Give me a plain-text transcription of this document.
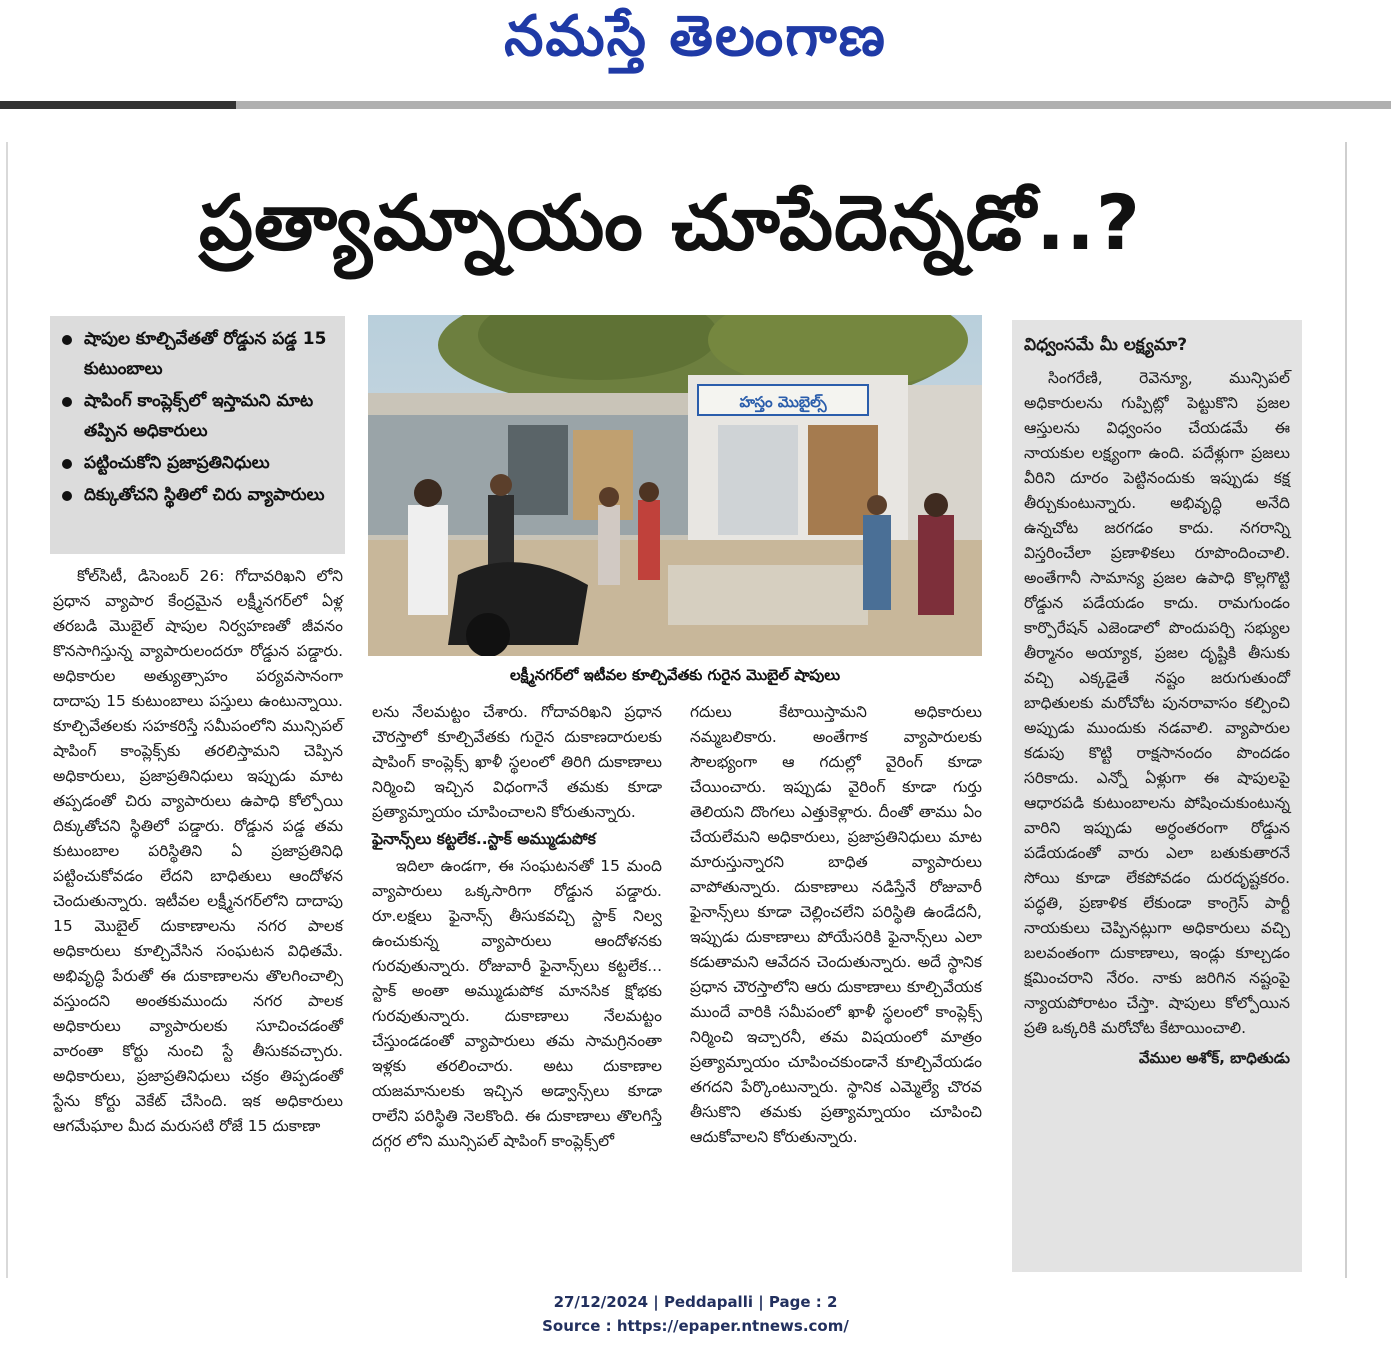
నమస్తే తెలంగాణ
ప్రత్యామ్నాయం చూపేదెన్నడో..?
షాపుల కూల్చివేతతో రోడ్డున పడ్డ 15 కుటుంబాలు
షాపింగ్ కాంప్లెక్స్‌లో ఇస్తామని మాట తప్పిన అధికారులు
పట్టించుకోని ప్రజాప్రతినిధులు
దిక్కుతోచని స్థితిలో చిరు వ్యాపారులు
హస్తం మొబైల్స్
లక్ష్మీనగర్‌లో ఇటీవల కూల్చివేతకు గురైన మొబైల్ షాపులు

కోల్‌సిటీ, డిసెంబర్ 26: గోదావరిఖని లోని ప్రధాన వ్యాపార కేంద్రమైన లక్ష్మీనగర్‌లో ఏళ్ల తరబడి మొబైల్ షాపుల నిర్వహణతో జీవనం కొనసాగిస్తున్న వ్యాపారులందరూ రోడ్డున పడ్డారు. అధికారుల అత్యుత్సాహం పర్యవసానంగా దాదాపు 15 కుటుంబాలు పస్తులు ఉంటున్నాయి. కూల్చివేతలకు సహకరిస్తే సమీపంలోని మున్సిపల్ షాపింగ్ కాంప్లెక్స్‌కు తరలిస్తామని చెప్పిన అధికారులు, ప్రజాప్రతినిధులు ఇప్పుడు మాట తప్పడంతో చిరు వ్యాపారులు ఉపాధి కోల్పోయి దిక్కుతోచని స్థితిలో పడ్డారు. రోడ్డున పడ్డ తమ కుటుంబాల పరిస్థితిని ఏ ప్రజాప్రతినిధి పట్టించుకోవడం లేదని బాధితులు ఆందోళన చెందుతున్నారు. ఇటీవల లక్ష్మీనగర్‌లోని దాదాపు 15 మొబైల్ దుకాణాలను నగర పాలక అధికారులు కూల్చివేసిన సంఘటన విధితమే. అభివృద్ధి పేరుతో ఈ దుకాణాలను తొలగించాల్సి వస్తుందని అంతకుముందు నగర పాలక అధికారులు వ్యాపారులకు సూచించడంతో వారంతా కోర్టు నుంచి స్టే తీసుకవచ్చారు. అధికారులు, ప్రజాప్రతినిధులు చక్రం తిప్పడంతో స్టేను కోర్టు వెకేట్ చేసింది. ఇక అధికారులు ఆగమేఘాల మీద మరుసటి రోజే 15 దుకాణా

లను నేలమట్టం చేశారు. గోదావరిఖని ప్రధాన చౌరస్తాలో కూల్చివేతకు గురైన దుకాణదారులకు షాపింగ్ కాంప్లెక్స్ ఖాళీ స్థలంలో తిరిగి దుకాణాలు నిర్మించి ఇచ్చిన విధంగానే తమకు కూడా ప్రత్యామ్నాయం చూపించాలని కోరుతున్నారు.

ఫైనాన్స్‌లు కట్టలేక..స్టాక్ అమ్ముడుపోక

ఇదిలా ఉండగా, ఈ సంఘటనతో 15 మంది వ్యాపారులు ఒక్కసారిగా రోడ్డున పడ్డారు. రూ.లక్షలు ఫైనాన్స్ తీసుకవచ్చి స్టాక్ నిల్వ ఉంచుకున్న వ్యాపారులు ఆందోళనకు గురవుతున్నారు. రోజువారీ ఫైనాన్స్‌లు కట్టలేక... స్టాక్ అంతా అమ్ముడుపోక మానసిక క్షోభకు గురవుతున్నారు. దుకాణాలు నేలమట్టం చేస్తుండడంతో వ్యాపారులు తమ సామగ్రినంతా ఇళ్లకు తరలించారు. అటు దుకాణాల యజమానులకు ఇచ్చిన అడ్వాన్స్‌లు కూడా రాలేని పరిస్థితి నెలకొంది. ఈ దుకాణాలు తొలగిస్తే దగ్గర లోని మున్సిపల్ షాపింగ్ కాంప్లెక్స్‌లో

గదులు కేటాయిస్తామని అధికారులు నమ్మబలికారు. అంతేగాక వ్యాపారులకు సౌలభ్యంగా ఆ గదుల్లో వైరింగ్ కూడా చేయించారు. ఇప్పుడు వైరింగ్ కూడా గుర్తు తెలియని దొంగలు ఎత్తుకెళ్లారు. దీంతో తాము ఏం చేయలేమని అధికారులు, ప్రజాప్రతినిధులు మాట మారుస్తున్నారని బాధిత వ్యాపారులు వాపోతున్నారు. దుకాణాలు నడిస్తేనే రోజువారీ ఫైనాన్స్‌లు కూడా చెల్లించలేని పరిస్థితి ఉండేదనీ, ఇప్పుడు దుకాణాలు పోయేసరికి ఫైనాన్స్‌లు ఎలా కడుతామని ఆవేదన చెందుతున్నారు. అదే స్థానిక ప్రధాన చౌరస్తాలోని ఆరు దుకాణాలు కూల్చివేయక ముందే వారికి సమీపంలో ఖాళీ స్థలంలో కాంప్లెక్స్ నిర్మించి ఇచ్చారనీ, తమ విషయంలో మాత్రం ప్రత్యామ్నాయం చూపించకుండానే కూల్చివేయడం తగదని పేర్కొంటున్నారు. స్థానిక ఎమ్మెల్యే చొరవ తీసుకొని తమకు ప్రత్యామ్నాయం చూపించి ఆదుకోవాలని కోరుతున్నారు.

విధ్వంసమే మీ లక్ష్యమా?

సింగరేణి, రెవెన్యూ, మున్సిపల్ అధికారులను గుప్పిట్లో పెట్టుకొని ప్రజల ఆస్తులను విధ్వంసం చేయడమే ఈ నాయకుల లక్ష్యంగా ఉంది. పదేళ్లుగా ప్రజలు వీరిని దూరం పెట్టినందుకు ఇప్పుడు కక్ష తీర్చుకుంటున్నారు. అభివృద్ధి అనేది ఉన్నచోట జరగడం కాదు. నగరాన్ని విస్తరించేలా ప్రణాళికలు రూపొందించాలి. అంతేగానీ సామాన్య ప్రజల ఉపాధి కొల్లగొట్టి రోడ్డున పడేయడం కాదు. రామగుండం కార్పొరేషన్ ఎజెండాలో పొందుపర్చి సభ్యుల తీర్మానం అయ్యాక, ప్రజల దృష్టికి తీసుకు వచ్చి ఎక్కడైతే నష్టం జరుగుతుందో బాధితులకు మరోచోట పునరావాసం కల్పించి అప్పుడు ముందుకు నడవాలి. వ్యాపారుల కడుపు కొట్టి రాక్షసానందం పొందడం సరికాదు. ఎన్నో ఏళ్లుగా ఈ షాపులపై ఆధారపడి కుటుంబాలను పోషించుకుంటున్న వారిని ఇప్పుడు అర్ధంతరంగా రోడ్డున పడేయడంతో వారు ఎలా బతుకుతారనే సోయి కూడా లేకపోవడం దురదృష్టకరం. పద్ధతి, ప్రణాళిక లేకుండా కాంగ్రెస్ పార్టీ నాయకులు చెప్పినట్లుగా అధికారులు వచ్చి బలవంతంగా దుకాణాలు, ఇండ్లు కూల్చడం క్షమించరాని నేరం. నాకు జరిగిన నష్టంపై న్యాయపోరాటం చేస్తా. షాపులు కోల్పోయిన ప్రతి ఒక్కరికి మరోచోట కేటాయించాలి.

వేముల అశోక్, బాధితుడు
27/12/2024 | Peddapalli | Page : 2
Source : https://epaper.ntnews.com/
